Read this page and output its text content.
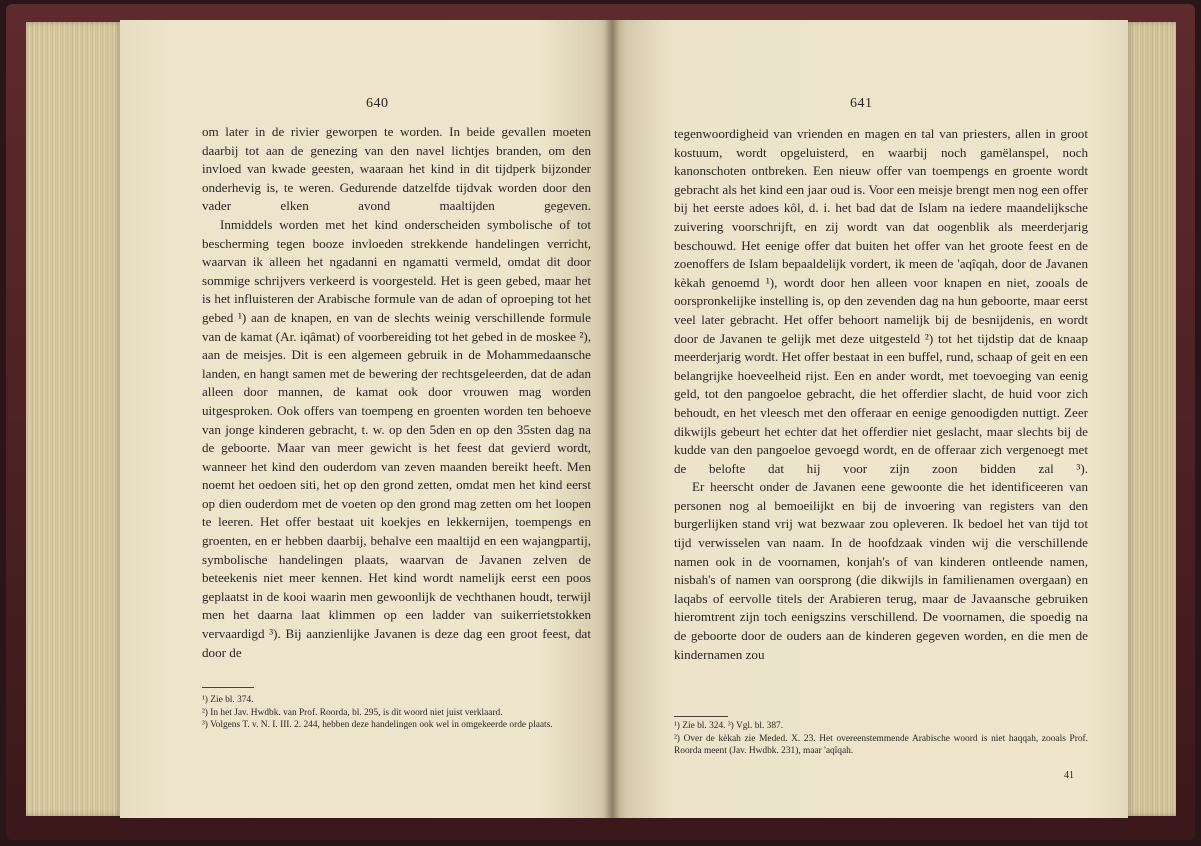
640

om later in de rivier geworpen te worden. In beide gevallen moeten daarbij tot aan de genezing van den navel lichtjes branden, om den invloed van kwade geesten, waaraan het kind in dit tijdperk bijzonder onderhevig is, te weren. Gedurende datzelfde tijdvak worden door den vader elken avond maaltijden gegeven.

Inmiddels worden met het kind onderscheiden symbolische of tot bescherming tegen booze invloeden strekkende handelingen verricht, waarvan ik alleen het ngadanni en ngamatti vermeld, omdat dit door sommige schrijvers verkeerd is voorgesteld. Het is geen gebed, maar het is het influisteren der Arabische formule van de adan of oproeping tot het gebed ¹) aan de knapen, en van de slechts weinig verschillende formule van de kamat (Ar. iqâmat) of voorbereiding tot het gebed in de moskee ²), aan de meisjes. Dit is een algemeen gebruik in de Mohammedaansche landen, en hangt samen met de bewering der rechtsgeleerden, dat de adan alleen door mannen, de kamat ook door vrouwen mag worden uitgesproken. Ook offers van toempeng en groenten worden ten behoeve van jonge kinderen gebracht, t. w. op den 5den en op den 35sten dag na de geboorte. Maar van meer gewicht is het feest dat gevierd wordt, wanneer het kind den ouderdom van zeven maanden bereikt heeft. Men noemt het oedoen siti, het op den grond zetten, omdat men het kind eerst op dien ouderdom met de voeten op den grond mag zetten om het loopen te leeren. Het offer bestaat uit koekjes en lekkernijen, toempengs en groenten, en er hebben daarbij, behalve een maaltijd en een wajangpartij, symbolische handelingen plaats, waarvan de Javanen zelven de beteekenis niet meer kennen. Het kind wordt namelijk eerst een poos geplaatst in de kooi waarin men gewoonlijk de vechthanen houdt, terwijl men het daarna laat klimmen op een ladder van suikerrietstokken vervaardigd ³). Bij aanzienlijke Javanen is deze dag een groot feest, dat door de

¹) Zie bl. 374.
²) In het Jav. Hwdbk. van Prof. Roorda, bl. 295, is dit woord niet juist verklaard.
³) Volgens T. v. N. I. III. 2. 244, hebben deze handelingen ook wel in omgekeerde orde plaats.
641

tegenwoordigheid van vrienden en magen en tal van priesters, allen in groot kostuum, wordt opgeluisterd, en waarbij noch gamëlanspel, noch kanonschoten ontbreken. Een nieuw offer van toempengs en groente wordt gebracht als het kind een jaar oud is. Voor een meisje brengt men nog een offer bij het eerste adoes kôl, d. i. het bad dat de Islam na iedere maandelijksche zuivering voorschrijft, en zij wordt van dat oogenblik als meerderjarig beschouwd. Het eenige offer dat buiten het offer van het groote feest en de zoenoffers de Islam bepaaldelijk vordert, ik meen de 'aqîqah, door de Javanen kèkah genoemd ¹), wordt door hen alleen voor knapen en niet, zooals de oorspronkelijke instelling is, op den zevenden dag na hun geboorte, maar eerst veel later gebracht. Het offer behoort namelijk bij de besnijdenis, en wordt door de Javanen te gelijk met deze uitgesteld ²) tot het tijdstip dat de knaap meerderjarig wordt. Het offer bestaat in een buffel, rund, schaap of geit en een belangrijke hoeveelheid rijst. Een en ander wordt, met toevoeging van eenig geld, tot den pangoeloe gebracht, die het offerdier slacht, de huid voor zich behoudt, en het vleesch met den offeraar en eenige genoodigden nuttigt. Zeer dikwijls gebeurt het echter dat het offerdier niet geslacht, maar slechts bij de kudde van den pangoeloe gevoegd wordt, en de offeraar zich vergenoegt met de belofte dat hij voor zijn zoon bidden zal ³).

Er heerscht onder de Javanen eene gewoonte die het identificeeren van personen nog al bemoeilijkt en bij de invoering van registers van den burgerlijken stand vrij wat bezwaar zou opleveren. Ik bedoel het van tijd tot tijd verwisselen van naam. In de hoofdzaak vinden wij die verschillende namen ook in de voornamen, konjah's of van kinderen ontleende namen, nisbah's of namen van oorsprong (die dikwijls in familienamen overgaan) en laqabs of eervolle titels der Arabieren terug, maar de Javaansche gebruiken hieromtrent zijn toch eenigszins verschillend. De voornamen, die spoedig na de geboorte door de ouders aan de kinderen gegeven worden, en die men de kindernamen zou

¹) Zie bl. 324. ³) Vgl. bl. 387.
²) Over de kèkah zie Meded. X. 23. Het overeenstemmende Arabische woord is niet haqqah, zooals Prof. Roorda meent (Jav. Hwdbk. 231), maar 'aqîqah.
41
